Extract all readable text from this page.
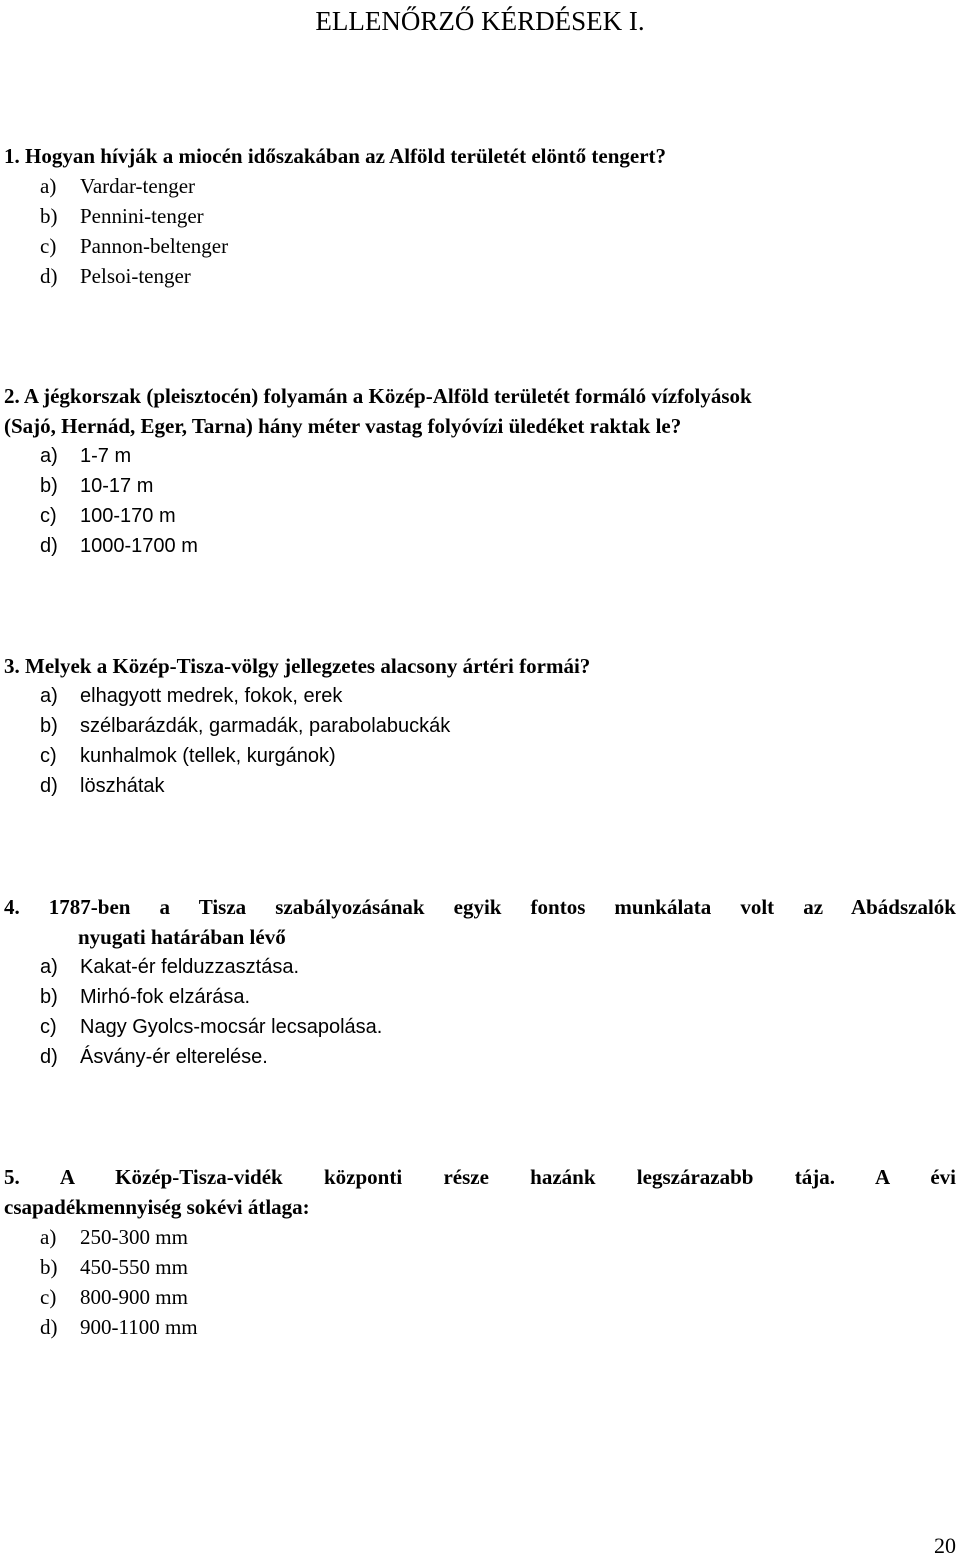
ELLENŐRZŐ KÉRDÉSEK I.
1. Hogyan hívják a miocén időszakában az Alföld területét elöntő tengert?
a) Vardar-tenger
b) Pennini-tenger
c) Pannon-beltenger
d) Pelsoi-tenger
2. A jégkorszak (pleisztocén) folyamán a Közép-Alföld területét formáló vízfolyások
(Sajó, Hernád, Eger, Tarna) hány méter vastag folyóvízi üledéket raktak le?
a) 1-7 m
b) 10-17 m
c) 100-170 m
d) 1000-1700 m
3. Melyek a Közép-Tisza-völgy jellegzetes alacsony ártéri formái?
a) elhagyott medrek, fokok, erek
b) szélbarázdák, garmadák, parabolabuckák
c) kunhalmok (tellek, kurgánok)
d) löszhátak
4. 1787-ben a Tisza szabályozásának egyik fontos munkálata volt az Abádszalók
nyugati határában lévő
a) Kakat-ér felduzzasztása.
b) Mirhó-fok elzárása.
c) Nagy Gyolcs-mocsár lecsapolása.
d) Ásvány-ér elterelése.
5. A Közép-Tisza-vidék központi része hazánk legszárazabb tája. A évi
csapadékmennyiség sokévi átlaga:
a) 250-300 mm
b) 450-550 mm
c) 800-900 mm
d) 900-1100 mm
20
